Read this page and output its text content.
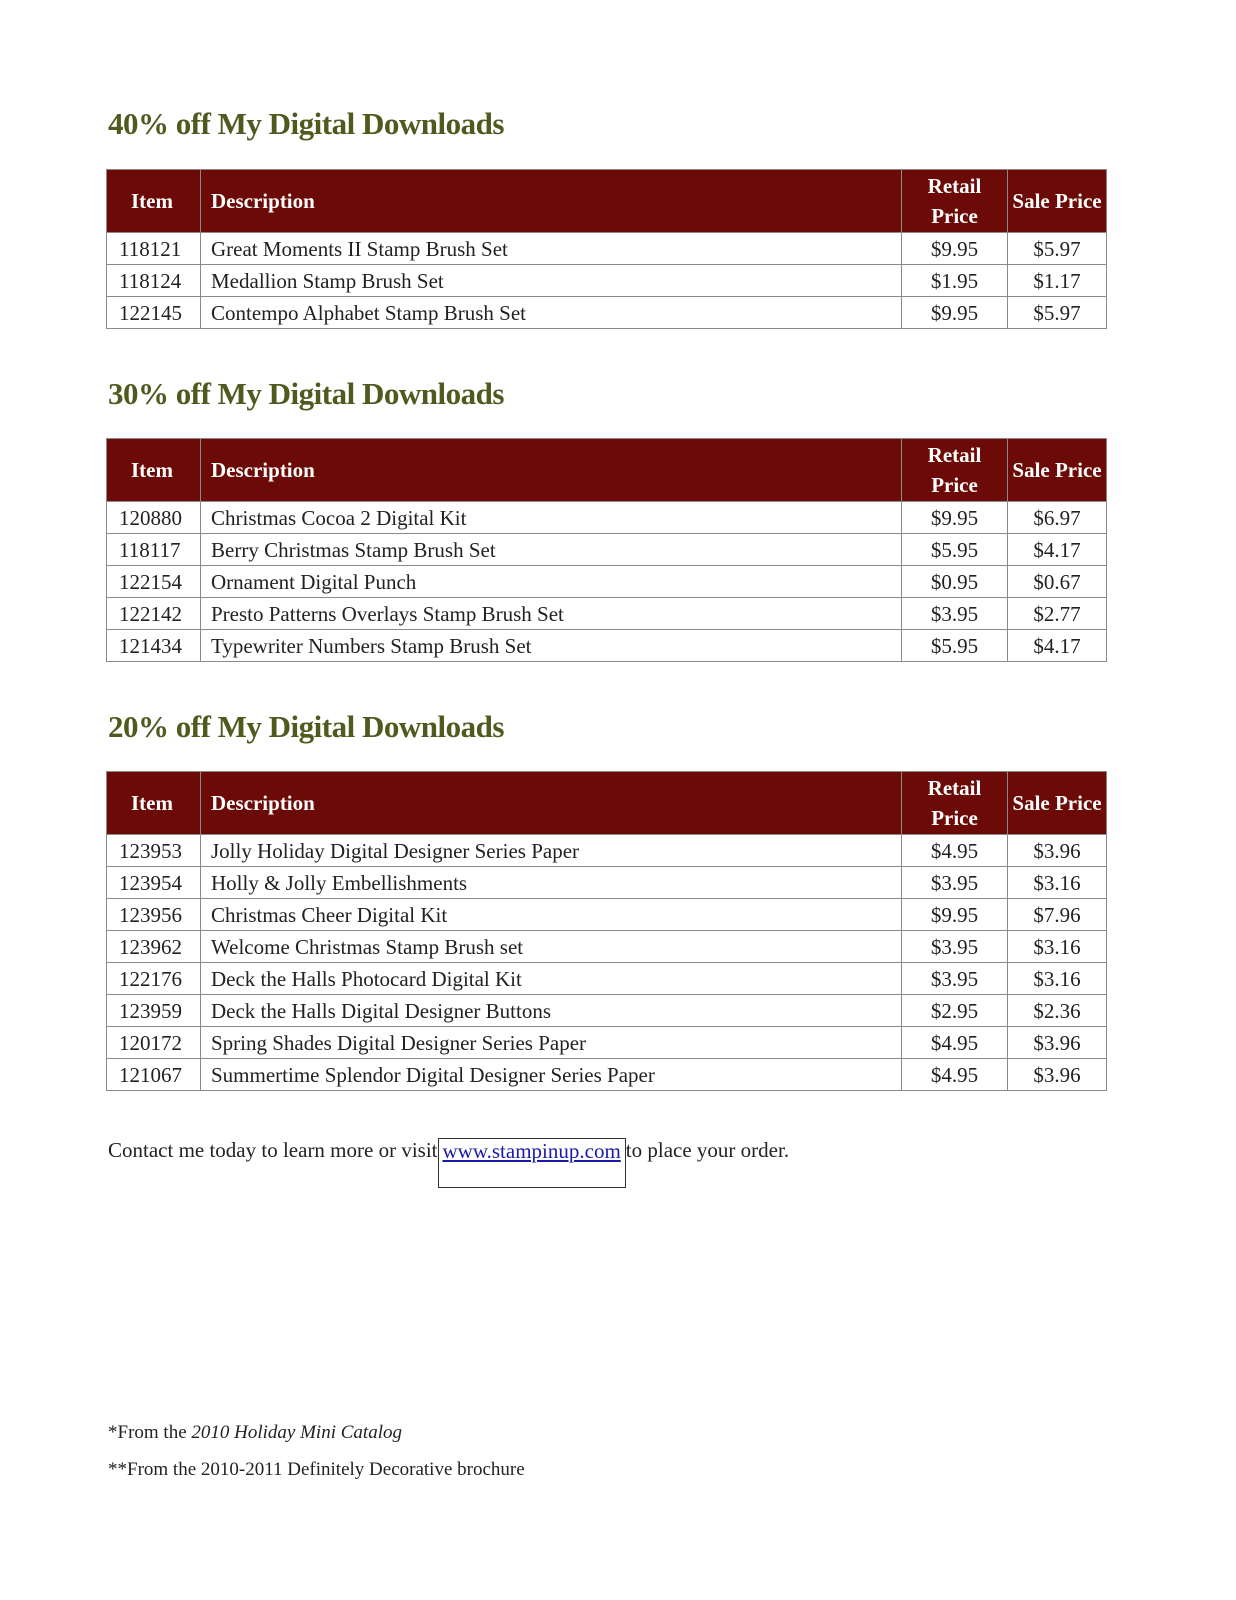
40% off My Digital Downloads
Item	Description	Retail Price	Sale Price
118121	Great Moments II Stamp Brush Set	$9.95	$5.97
118124	Medallion Stamp Brush Set	$1.95	$1.17
122145	Contempo Alphabet Stamp Brush Set	$9.95	$5.97
30% off My Digital Downloads
Item	Description	Retail Price	Sale Price
120880	Christmas Cocoa 2 Digital Kit	$9.95	$6.97
118117	Berry Christmas Stamp Brush Set	$5.95	$4.17
122154	Ornament Digital Punch	$0.95	$0.67
122142	Presto Patterns Overlays Stamp Brush Set	$3.95	$2.77
121434	Typewriter Numbers Stamp Brush Set	$5.95	$4.17
20% off My Digital Downloads
Item	Description	Retail Price	Sale Price
123953	Jolly Holiday Digital Designer Series Paper	$4.95	$3.96
123954	Holly & Jolly Embellishments	$3.95	$3.16
123956	Christmas Cheer Digital Kit	$9.95	$7.96
123962	Welcome Christmas Stamp Brush set	$3.95	$3.16
122176	Deck the Halls Photocard Digital Kit	$3.95	$3.16
123959	Deck the Halls Digital Designer Buttons	$2.95	$2.36
120172	Spring Shades Digital Designer Series Paper	$4.95	$3.96
121067	Summertime Splendor Digital Designer Series Paper	$4.95	$3.96

Contact me today to learn more or visit www.stampinup.com to place your order.

*From the 2010 Holiday Mini Catalog

**From the 2010-2011 Definitely Decorative brochure
